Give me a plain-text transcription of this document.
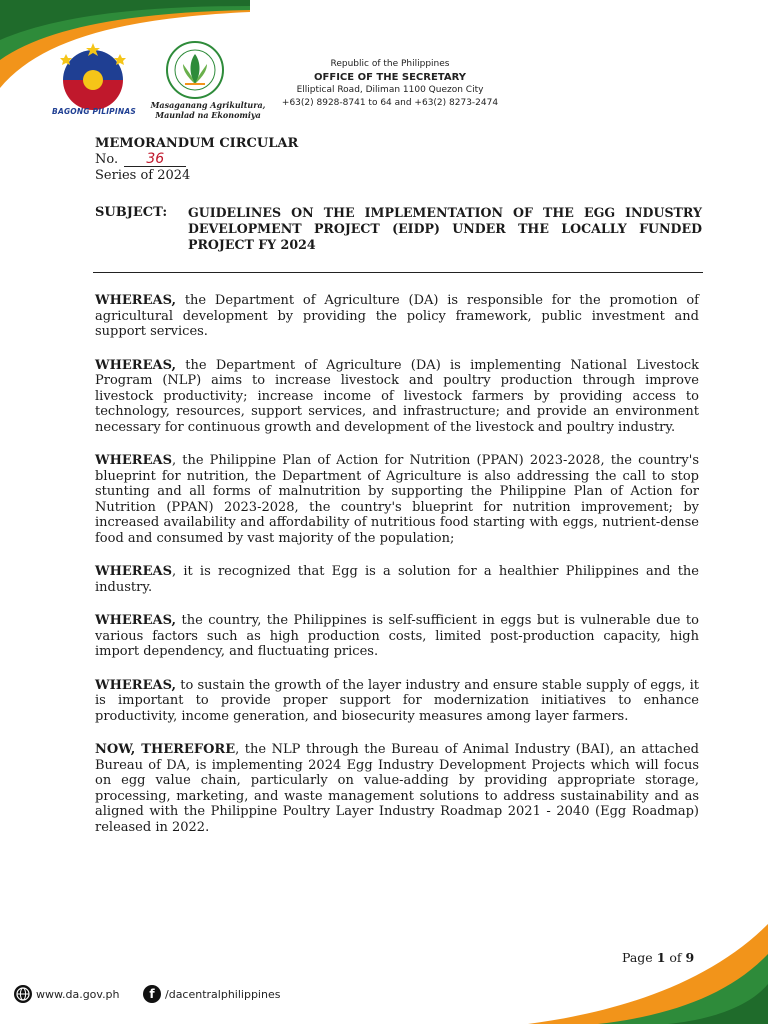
BAGONG PILIPINAS
Masaganang Agrikultura,
Maunlad na Ekonomiya
Republic of the Philippines
OFFICE OF THE SECRETARY
Elliptical Road, Diliman 1100 Quezon City
+63(2) 8928-8741 to 64 and +63(2) 8273-2474
MEMORANDUM CIRCULAR
No. 36
Series of 2024
SUBJECT: GUIDELINES ON THE IMPLEMENTATION OF THE EGG INDUSTRY DEVELOPMENT PROJECT (EIDP) UNDER THE LOCALLY FUNDED PROJECT FY 2024

WHEREAS, the Department of Agriculture (DA) is responsible for the promotion of agricultural development by providing the policy framework, public investment and support services.

WHEREAS, the Department of Agriculture (DA) is implementing National Livestock Program (NLP) aims to increase livestock and poultry production through improve livestock productivity; increase income of livestock farmers by providing access to technology, resources, support services, and infrastructure; and provide an environment necessary for continuous growth and development of the livestock and poultry industry.

WHEREAS, the Philippine Plan of Action for Nutrition (PPAN) 2023-2028, the country's blueprint for nutrition, the Department of Agriculture is also addressing the call to stop stunting and all forms of malnutrition by supporting the Philippine Plan of Action for Nutrition (PPAN) 2023-2028, the country's blueprint for nutrition improvement; by increased availability and affordability of nutritious food starting with eggs, nutrient-dense food and consumed by vast majority of the population;

WHEREAS, it is recognized that Egg is a solution for a healthier Philippines and the industry.

WHEREAS, the country, the Philippines is self-sufficient in eggs but is vulnerable due to various factors such as high production costs, limited post-production capacity, high import dependency, and fluctuating prices.

WHEREAS, to sustain the growth of the layer industry and ensure stable supply of eggs, it is important to provide proper support for modernization initiatives to enhance productivity, income generation, and biosecurity measures among layer farmers.

NOW, THEREFORE, the NLP through the Bureau of Animal Industry (BAI), an attached Bureau of DA, is implementing 2024 Egg Industry Development Projects which will focus on egg value chain, particularly on value-adding by providing appropriate storage, processing, marketing, and waste management solutions to address sustainability and as aligned with the Philippine Poultry Layer Industry Roadmap 2021 - 2040 (Egg Roadmap) released in 2022.

Page 1 of 9
www.da.gov.ph	f /dacentralphilippines
